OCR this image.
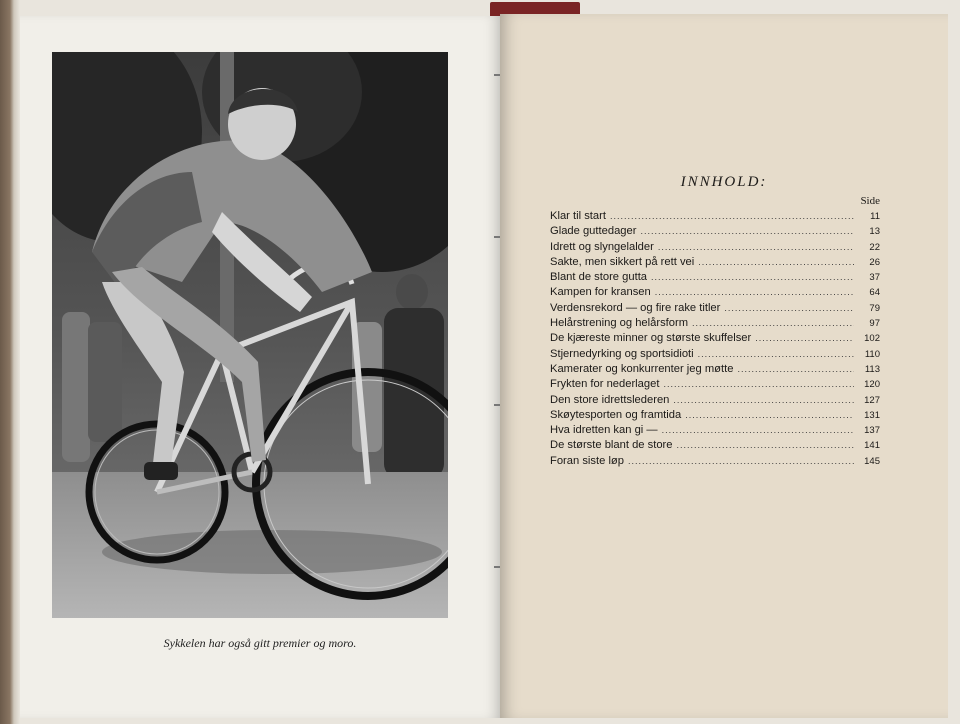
Sykkelen har også gitt premier og moro.
INNHOLD:
Side
Klar til start .....	11
Glade guttedager .....	13
Idrett og slyngelalder .....	22
Sakte, men sikkert på rett vei .....	26
Blant de store gutta .....	37
Kampen for kransen .....	64
Verdensrekord — og fire rake titler .....	79
Helårstrening og helårsform .....	97
De kjæreste minner og største skuffelser .....	102
Stjernedyrking og sportsidioti .....	110
Kamerater og konkurrenter jeg møtte .....	113
Frykten for nederlaget .....	120
Den store idrettslederen .....	127
Skøytesporten og framtida .....	131
Hva idretten kan gi — .....	137
De største blant de store .....	141
Foran siste løp .....	145
